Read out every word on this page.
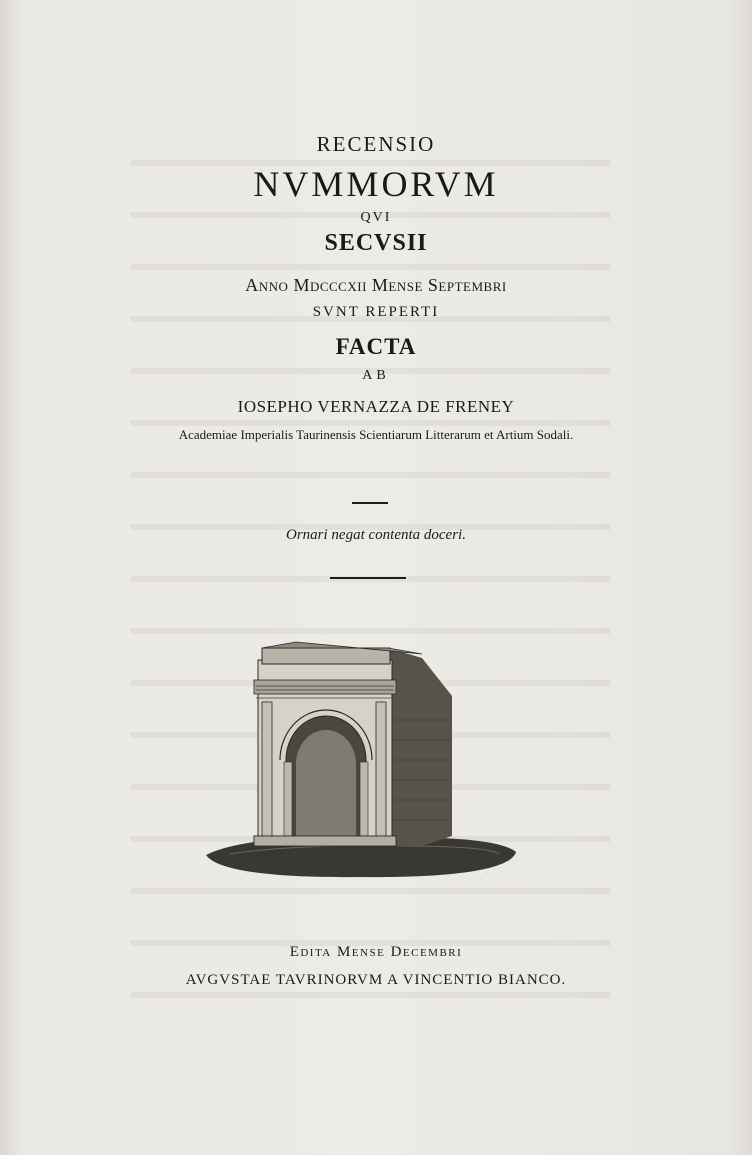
RECENSIO
NVMMORVM
QVI
SECVSII
Anno Mdcccxii Mense Septembri
SVNT REPERTI
FACTA
AB
IOSEPHO VERNAZZA DE FRENEY
Academiae Imperialis Taurinensis Scientiarum Litterarum et Artium Sodali.
Ornari negat contenta doceri.
·	·
Edita Mense Decembri
AVGVSTAE TAVRINORVM A VINCENTIO BIANCO.
